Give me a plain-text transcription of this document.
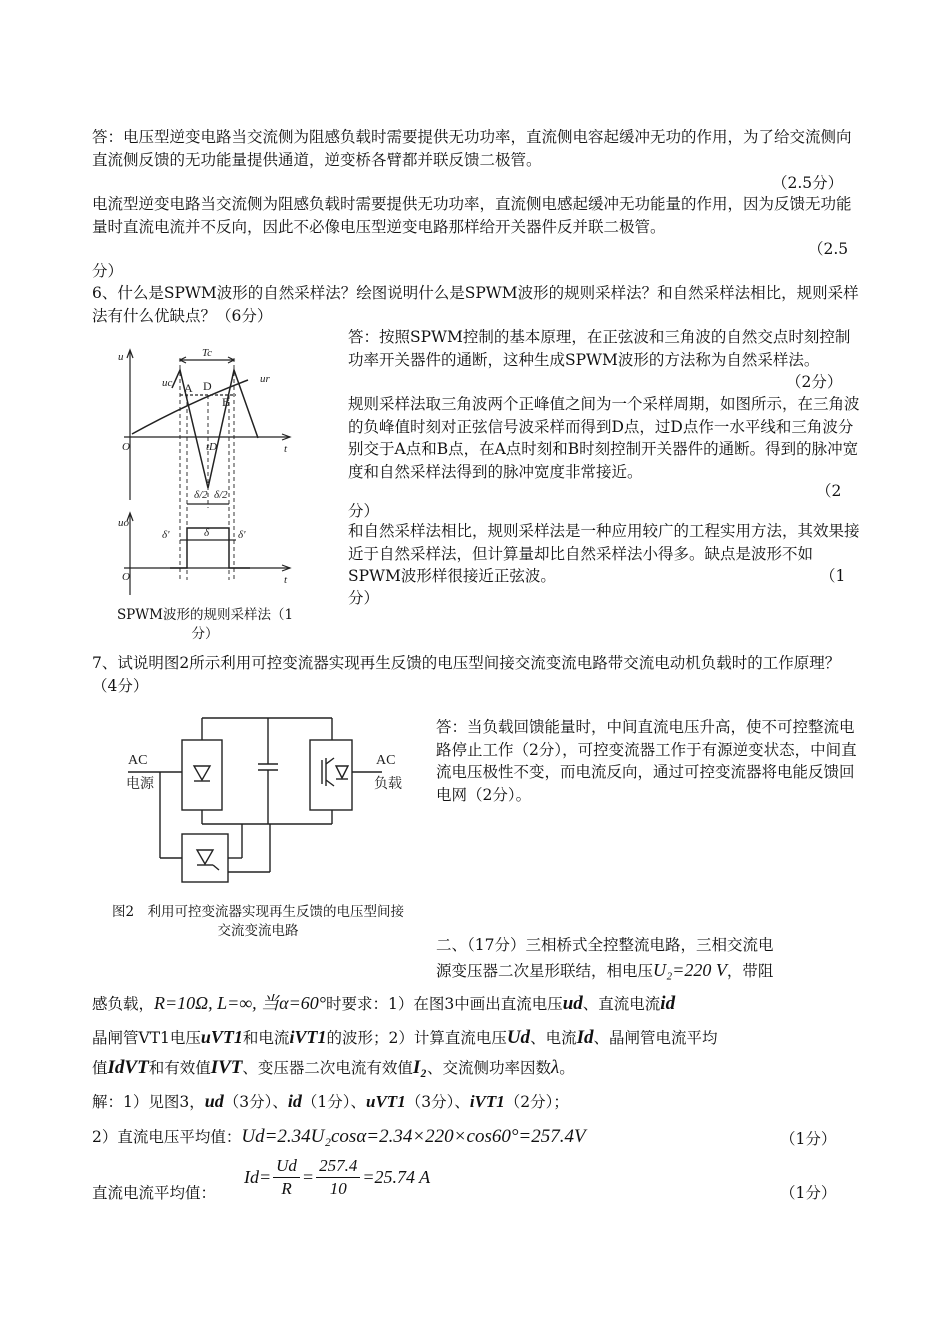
答：电压型逆变电路当交流侧为阻感负载时需要提供无功功率，直流侧电容起缓冲无功的作用，为了给交流侧向直流侧反馈的无功能量提供通道，逆变桥各臂都并联反馈二极管。
（2.5分）
电流型逆变电路当交流侧为阻感负载时需要提供无功功率，直流侧电感起缓冲无功能量的作用，因为反馈无功能量时直流电流并不反向，因此不必像电压型逆变电路那样给开关器件反并联二极管。
（2.5
分）
6、什么是SPWM波形的自然采样法？绘图说明什么是SPWM波形的规则采样法？和自然采样法相比，规则采样法有什么优缺点？（6分）
u
uc	ur
Tc
O	t
tD
δ/2 δ/2
uo
δ
δ'	δ'
O	t
A D
B
SPWM波形的规则采样法（1分）
答：按照SPWM控制的基本原理，在正弦波和三角波的自然交点时刻控制功率开关器件的通断，这种生成SPWM波形的方法称为自然采样法。
（2分）
规则采样法取三角波两个正峰值之间为一个采样周期，如图所示，在三角波的负峰值时刻对正弦信号波采样而得到D点，过D点作一水平线和三角波分别交于A点和B点，在A点时刻和B时刻控制开关器件的通断。得到的脉冲宽度和自然采样法得到的脉冲宽度非常接近。
（2
分）
和自然采样法相比，规则采样法是一种应用较广的工程实用方法，其效果接近于自然采样法，但计算量却比自然采样法小得多。缺点是波形不如SPWM波形样很接近正弦波。	（1
分）
7、试说明图2所示利用可控变流器实现再生反馈的电压型间接交流变流电路带交流电动机负载时的工作原理？（4分）
AC
电源
AC
负载
图2　利用可控变流器实现再生反馈的电压型间接交流变流电路
答：当负载回馈能量时，中间直流电压升高，使不可控整流电路停止工作（2分），可控变流器工作于有源逆变状态，中间直流电压极性不变，而电流反向，通过可控变流器将电能反馈回电网（2分）。
二、（17分）三相桥式全控整流电路，三相交流电
源变压器二次星形联结，相电压U₂=220 V，带阻
感负载，R=10Ω, L=∞, 当α=60°时要求：1）在图3中画出直流电压ud、直流电流id
晶闸管VT1电压uVT1和电流iVT1的波形；2）计算直流电压Ud、电流Id、晶闸管电流平均
值IdVT和有效值IVT、变压器二次电流有效值I₂、交流侧功率因数λ。
解：1）见图3，ud（3分）、id（1分）、uVT1（3分）、iVT1（2分）；
2）直流电压平均值：Ud=2.34U₂cosα=2.34×220×cos60°=257.4V	（1分）
直流电流平均值：
$Id= \frac{Ud}{R} = \frac{257.4}{10} =25.74$ A
（1分）
